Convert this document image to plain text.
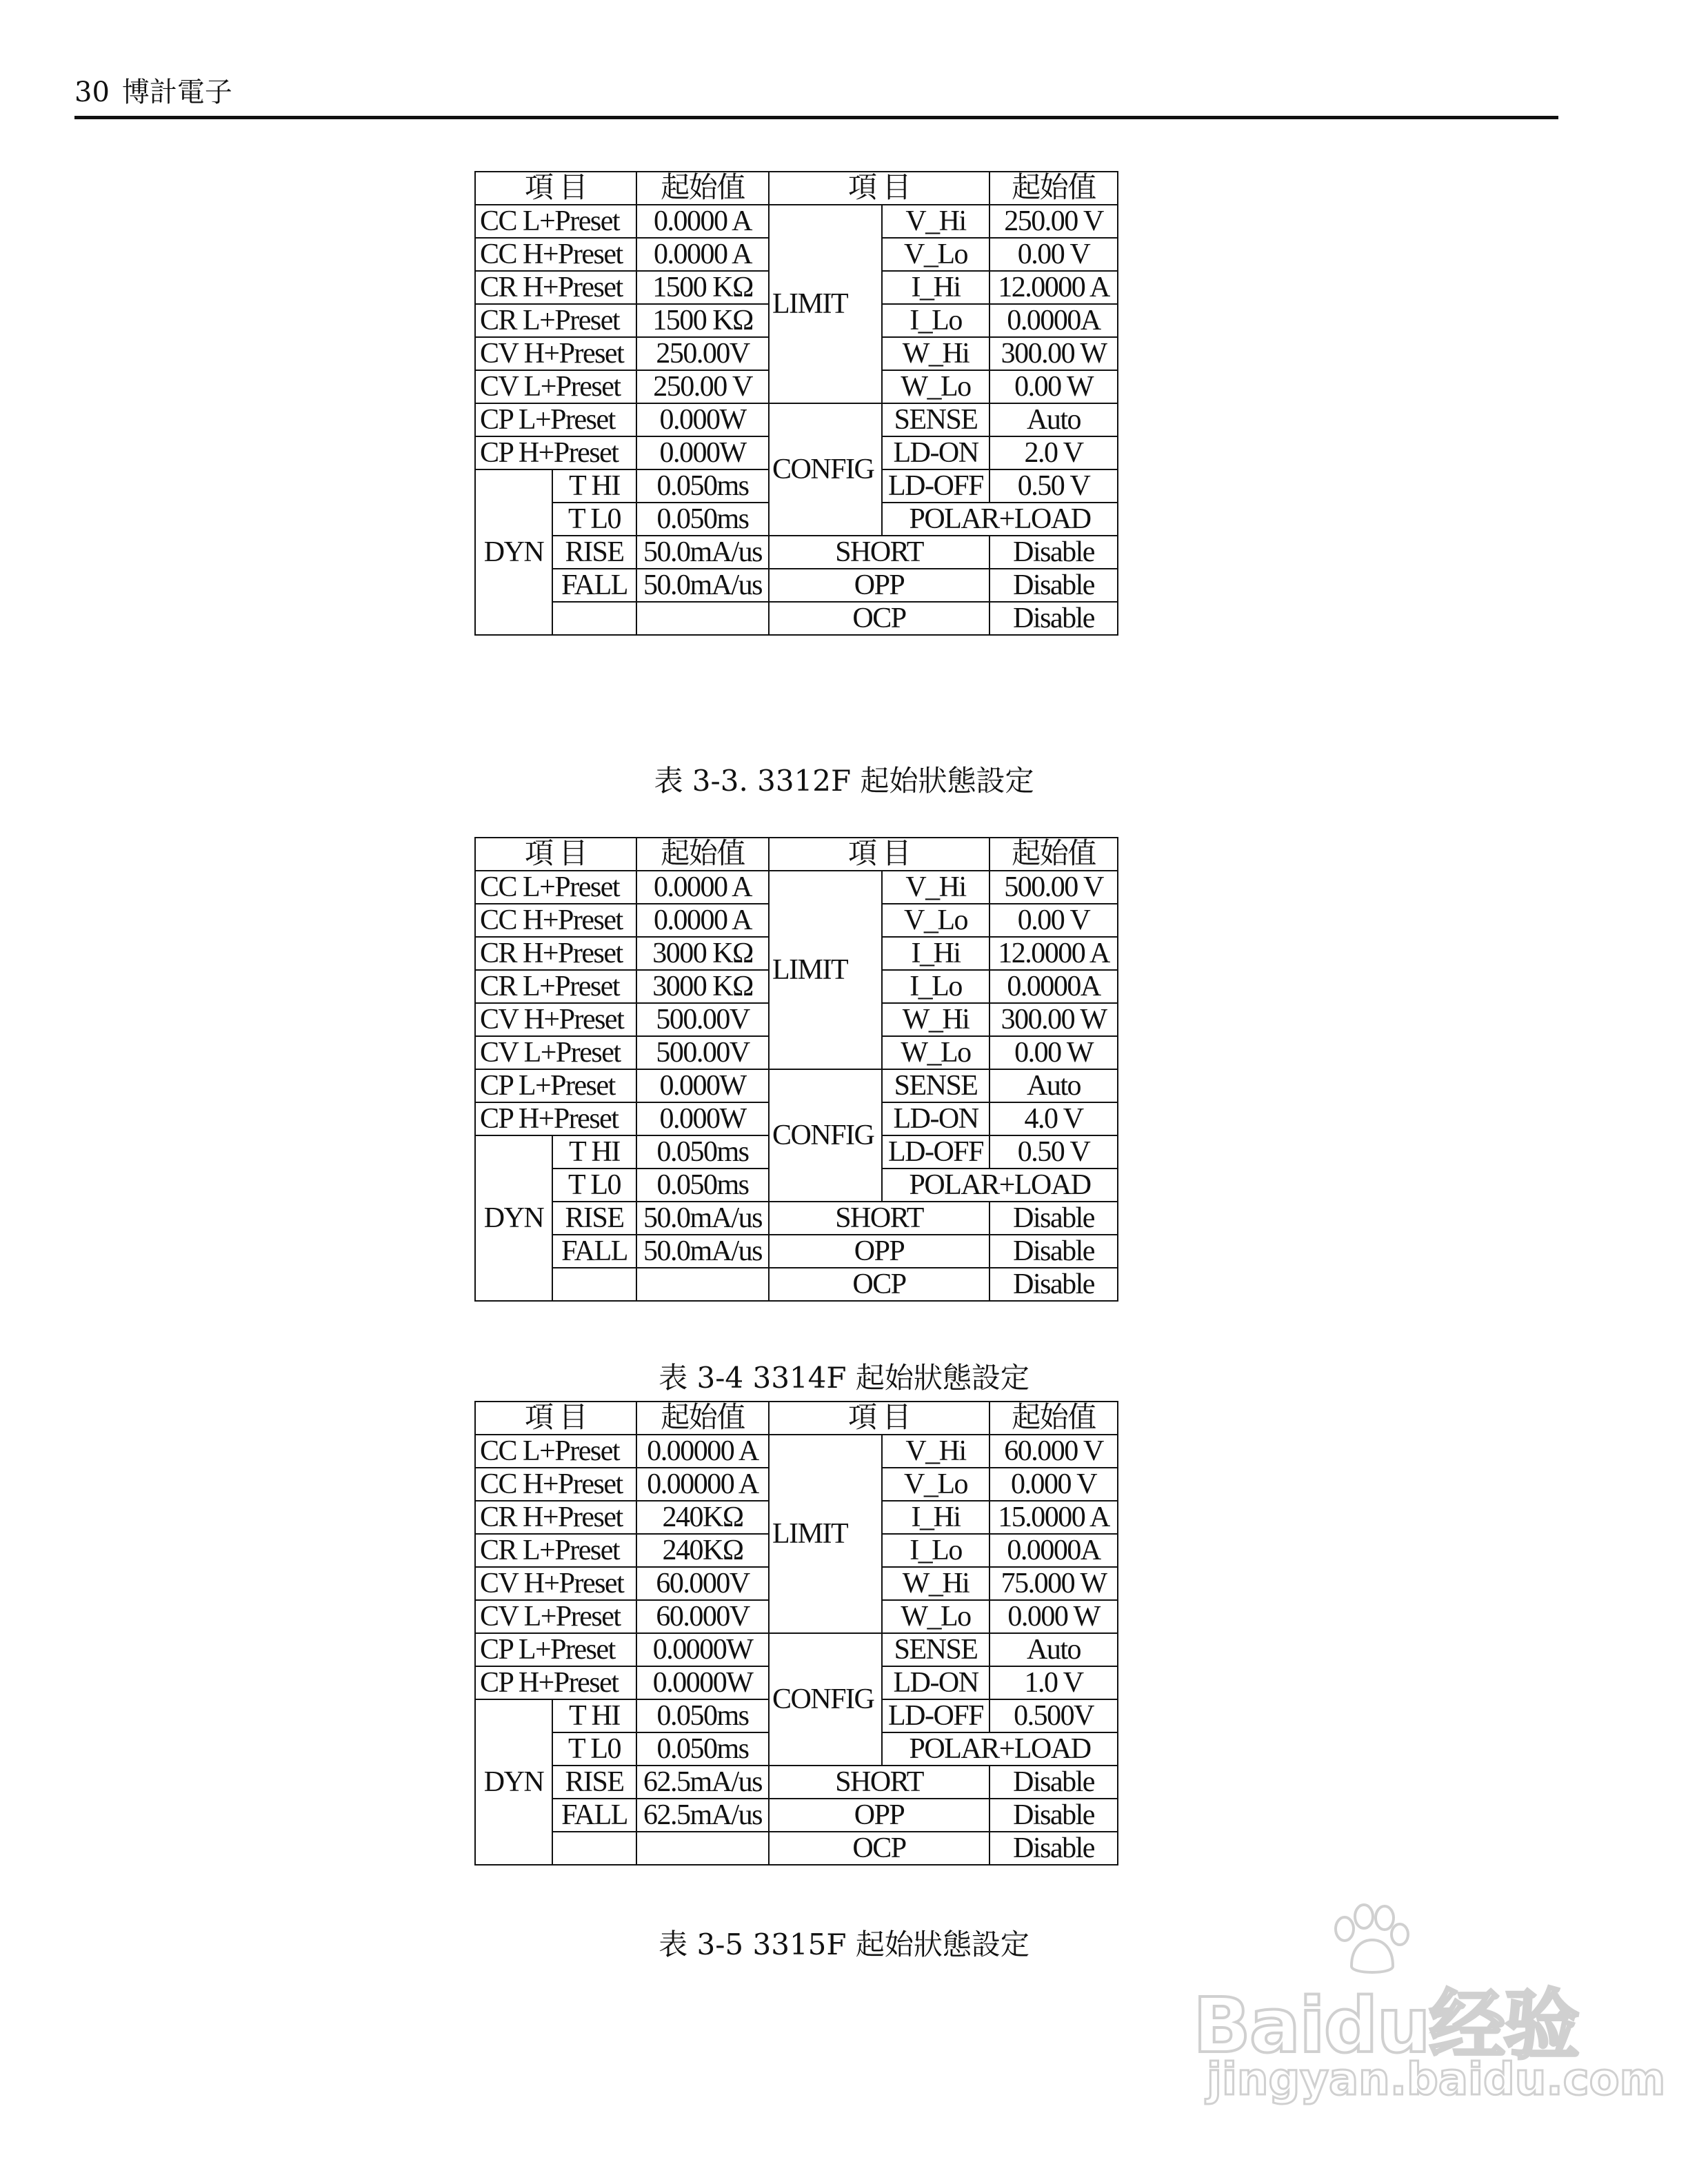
30 博計電子
項 目		起始值	項 目		起始值
CC L+Preset		0.0000 A	LIMIT	V_Hi	250.00 V
CC H+Preset		0.0000 A		V_Lo	0.00 V
CR H+Preset		1500 KΩ		I_Hi	12.0000 A
CR L+Preset		1500 KΩ		I_Lo	0.0000A
CV H+Preset		250.00V		W_Hi	300.00 W
CV L+Preset		250.00 V		W_Lo	0.00 W
CP L+Preset		0.000W	CONFIG	SENSE	Auto
CP H+Preset		0.000W		LD-ON	2.0 V
DYN	T HI	0.050ms		LD-OFF	0.50 V
	T L0	0.050ms		POLAR+LOAD	
	RISE	50.0mA/us	SHORT		Disable
	FALL	50.0mA/us	OPP		Disable
			OCP		Disable
項 目		起始值	項 目		起始值
CC L+Preset		0.0000 A	LIMIT	V_Hi	500.00 V
CC H+Preset		0.0000 A		V_Lo	0.00 V
CR H+Preset		3000 KΩ		I_Hi	12.0000 A
CR L+Preset		3000 KΩ		I_Lo	0.0000A
CV H+Preset		500.00V		W_Hi	300.00 W
CV L+Preset		500.00V		W_Lo	0.00 W
CP L+Preset		0.000W	CONFIG	SENSE	Auto
CP H+Preset		0.000W		LD-ON	4.0 V
DYN	T HI	0.050ms		LD-OFF	0.50 V
	T L0	0.050ms		POLAR+LOAD	
	RISE	50.0mA/us	SHORT		Disable
	FALL	50.0mA/us	OPP		Disable
			OCP		Disable
項 目		起始值	項 目		起始值
CC L+Preset		0.00000 A	LIMIT	V_Hi	60.000 V
CC H+Preset		0.00000 A		V_Lo	0.000 V
CR H+Preset		240KΩ		I_Hi	15.0000 A
CR L+Preset		240KΩ		I_Lo	0.0000A
CV H+Preset		60.000V		W_Hi	75.000 W
CV L+Preset		60.000V		W_Lo	0.000 W
CP L+Preset		0.0000W	CONFIG	SENSE	Auto
CP H+Preset		0.0000W		LD-ON	1.0 V
DYN	T HI	0.050ms		LD-OFF	0.500V
	T L0	0.050ms		POLAR+LOAD	
	RISE	62.5mA/us	SHORT		Disable
	FALL	62.5mA/us	OPP		Disable
			OCP		Disable
表 3-3. 3312F 起始狀態設定
表 3-4 3314F 起始狀態設定
表 3-5 3315F 起始狀態設定
Baidu经验
jingyan.baidu.com
